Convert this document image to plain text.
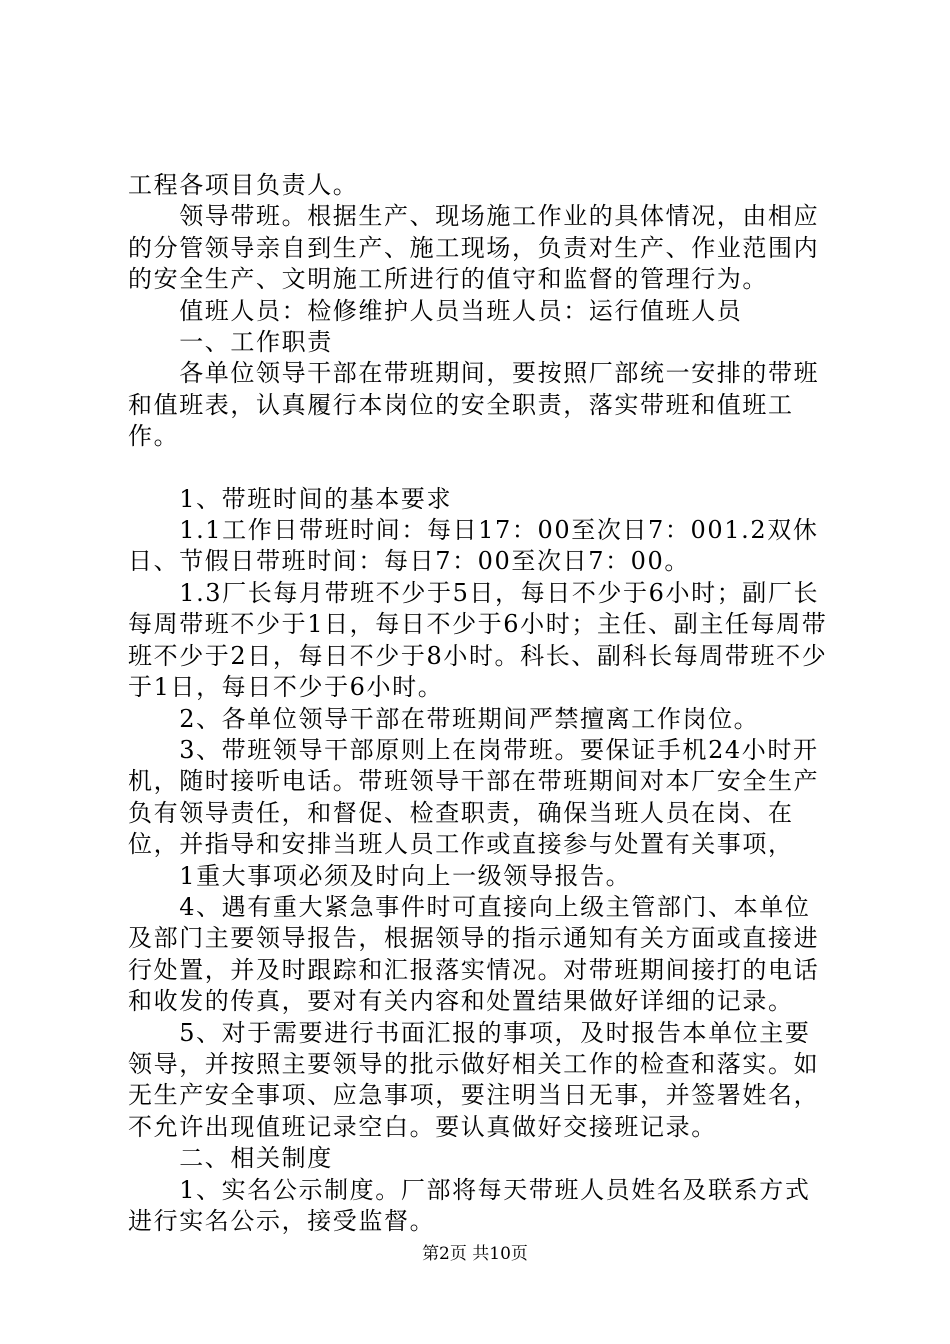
工程各项目负责人。

　　领导带班。根据生产、现场施工作业的具体情况，由相应的分管领导亲自到生产、施工现场，负责对生产、作业范围内的安全生产、文明施工所进行的值守和监督的管理行为。

　　值班人员：检修维护人员当班人员：运行值班人员

　　一、工作职责

　　各单位领导干部在带班期间，要按照厂部统一安排的带班和值班表，认真履行本岗位的安全职责，落实带班和值班工作。

　　1、带班时间的基本要求

　　1.1工作日带班时间：每日17：00至次日7：001.2双休日、节假日带班时间：每日7：00至次日7：00。

　　1.3厂长每月带班不少于5日，每日不少于6小时；副厂长每周带班不少于1日，每日不少于6小时；主任、副主任每周带班不少于2日，每日不少于8小时。科长、副科长每周带班不少于1日，每日不少于6小时。

　　2、各单位领导干部在带班期间严禁擅离工作岗位。

　　3、带班领导干部原则上在岗带班。要保证手机24小时开机，随时接听电话。带班领导干部在带班期间对本厂安全生产负有领导责任，和督促、检查职责，确保当班人员在岗、在位，并指导和安排当班人员工作或直接参与处置有关事项，

　　1重大事项必须及时向上一级领导报告。

　　4、遇有重大紧急事件时可直接向上级主管部门、本单位及部门主要领导报告，根据领导的指示通知有关方面或直接进行处置，并及时跟踪和汇报落实情况。对带班期间接打的电话和收发的传真，要对有关内容和处置结果做好详细的记录。

　　5、对于需要进行书面汇报的事项，及时报告本单位主要领导，并按照主要领导的批示做好相关工作的检查和落实。如无生产安全事项、应急事项，要注明当日无事，并签署姓名，不允许出现值班记录空白。要认真做好交接班记录。

　　二、相关制度

　　1、实名公示制度。厂部将每天带班人员姓名及联系方式进行实名公示，接受监督。

第2页 共10页
